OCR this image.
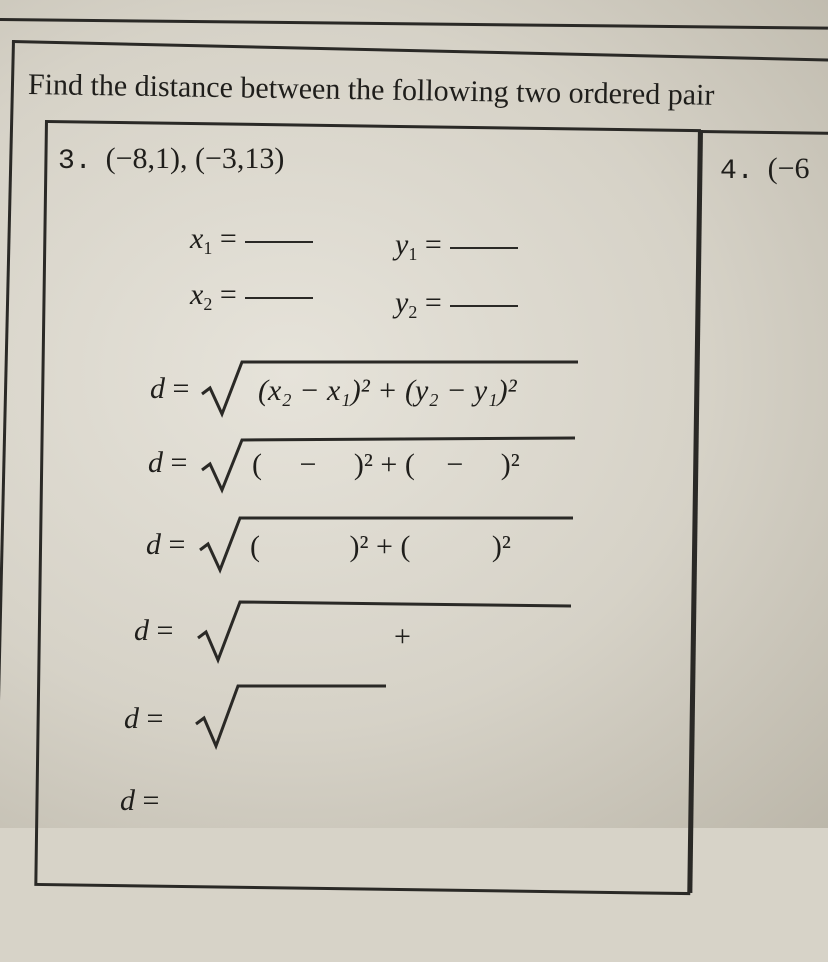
Find the distance between the following two ordered pair
3. (−8,1), (−3,13)	4. (−6
$x_1$ =	$y_1$ =
$x_2$ =	$y_2$ =
d = (x₂ − x₁)² + (y₂ − y₁)²
d = ( − )² + ( − )²
d = (	)² + (	)²
d =	+
d =
d =
